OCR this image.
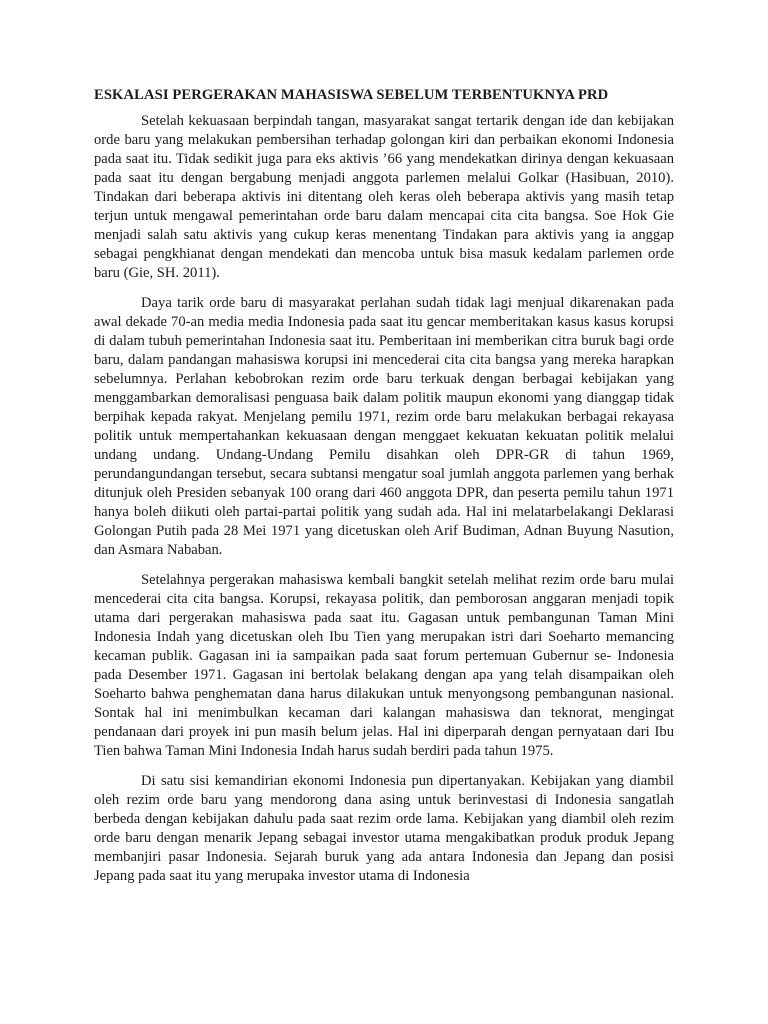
ESKALASI PERGERAKAN MAHASISWA SEBELUM TERBENTUKNYA PRD

Setelah kekuasaan berpindah tangan, masyarakat sangat tertarik dengan ide dan kebijakan orde baru yang melakukan pembersihan terhadap golongan kiri dan perbaikan ekonomi Indonesia pada saat itu. Tidak sedikit juga para eks aktivis ’66 yang mendekatkan dirinya dengan kekuasaan pada saat itu dengan bergabung menjadi anggota parlemen melalui Golkar (Hasibuan, 2010). Tindakan dari beberapa aktivis ini ditentang oleh keras oleh beberapa aktivis yang masih tetap terjun untuk mengawal pemerintahan orde baru dalam mencapai cita cita bangsa. Soe Hok Gie menjadi salah satu aktivis yang cukup keras menentang Tindakan para aktivis yang ia anggap sebagai pengkhianat dengan mendekati dan mencoba untuk bisa masuk kedalam parlemen orde baru (Gie, SH. 2011).

Daya tarik orde baru di masyarakat perlahan sudah tidak lagi menjual dikarenakan pada awal dekade 70-an media media Indonesia pada saat itu gencar memberitakan kasus kasus korupsi di dalam tubuh pemerintahan Indonesia saat itu. Pemberitaan ini memberikan citra buruk bagi orde baru, dalam pandangan mahasiswa korupsi ini mencederai cita cita bangsa yang mereka harapkan sebelumnya. Perlahan kebobrokan rezim orde baru terkuak dengan berbagai kebijakan yang menggambarkan demoralisasi penguasa baik dalam politik maupun ekonomi yang dianggap tidak berpihak kepada rakyat. Menjelang pemilu 1971, rezim orde baru melakukan berbagai rekayasa politik untuk mempertahankan kekuasaan dengan menggaet kekuatan kekuatan politik melalui undang undang. Undang-Undang Pemilu disahkan oleh DPR-GR di tahun 1969, perundangundangan tersebut, secara subtansi mengatur soal jumlah anggota parlemen yang berhak ditunjuk oleh Presiden sebanyak 100 orang dari 460 anggota DPR, dan peserta pemilu tahun 1971 hanya boleh diikuti oleh partai-partai politik yang sudah ada. Hal ini melatarbelakangi Deklarasi Golongan Putih pada 28 Mei 1971 yang dicetuskan oleh Arif Budiman, Adnan Buyung Nasution, dan Asmara Nababan.

Setelahnya pergerakan mahasiswa kembali bangkit setelah melihat rezim orde baru mulai mencederai cita cita bangsa. Korupsi, rekayasa politik, dan pemborosan anggaran menjadi topik utama dari pergerakan mahasiswa pada saat itu. Gagasan untuk pembangunan Taman Mini Indonesia Indah yang dicetuskan oleh Ibu Tien yang merupakan istri dari Soeharto memancing kecaman publik. Gagasan ini ia sampaikan pada saat forum pertemuan Gubernur se- Indonesia pada Desember 1971. Gagasan ini bertolak belakang dengan apa yang telah disampaikan oleh Soeharto bahwa penghematan dana harus dilakukan untuk menyongsong pembangunan nasional. Sontak hal ini menimbulkan kecaman dari kalangan mahasiswa dan teknorat, mengingat pendanaan dari proyek ini pun masih belum jelas. Hal ini diperparah dengan pernyataan dari Ibu Tien bahwa Taman Mini Indonesia Indah harus sudah berdiri pada tahun 1975.

Di satu sisi kemandirian ekonomi Indonesia pun dipertanyakan. Kebijakan yang diambil oleh rezim orde baru yang mendorong dana asing untuk berinvestasi di Indonesia sangatlah berbeda dengan kebijakan dahulu pada saat rezim orde lama. Kebijakan yang diambil oleh rezim orde baru dengan menarik Jepang sebagai investor utama mengakibatkan produk produk Jepang membanjiri pasar Indonesia. Sejarah buruk yang ada antara Indonesia dan Jepang dan posisi Jepang pada saat itu yang merupaka investor utama di Indonesia
